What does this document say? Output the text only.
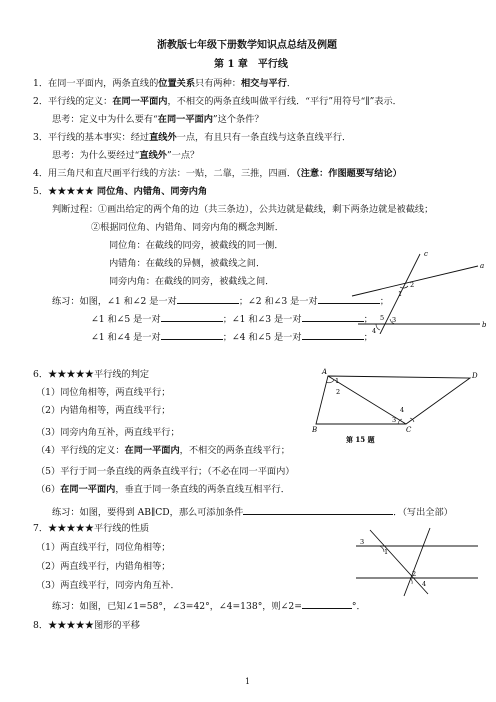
浙教版七年级下册数学知识点总结及例题
第 1 章　平行线
1．在同一平面内，两条直线的位置关系只有两种：相交与平行．
2．平行线的定义：在同一平面内，不相交的两条直线叫做平行线．“平行”用符号“∥”表示．
思考：定义中为什么要有“在同一平面内”这个条件？
3．平行线的基本事实：经过直线外一点，有且只有一条直线与这条直线平行．
思考：为什么要经过“直线外”一点？
4．用三角尺和直尺画平行线的方法：一贴，二靠，三推，四画．（注意：作图题要写结论）
5．★★★★★ 同位角、内错角、同旁内角
判断过程：①画出给定的两个角的边（共三条边），公共边就是截线，剩下两条边就是被截线；
②根据同位角、内错角、同旁内角的概念判断．
同位角：在截线的同旁，被截线的同一侧．
内错角：在截线的异侧，被截线之间．
同旁内角：在截线的同旁，被截线之间．
练习：如图，∠1 和∠2 是一对	；∠2 和∠3 是一对	；
∠1 和∠5 是一对	；∠1 和∠3 是一对	；
∠1 和∠4 是一对	；∠4 和∠5 是一对	；
c
a
b
1
2
3
4
5
6．★★★★★平行线的判定
（1）同位角相等，两直线平行；
（2）内错角相等，两直线平行；
（3）同旁内角互补，两直线平行；
（4）平行线的定义：在同一平面内，不相交的两条直线平行；
（5）平行于同一条直线的两条直线平行；（不必在同一平面内）
（6）在同一平面内，垂直于同一条直线的两条直线互相平行．
练习：如图，要得到 AB∥CD，那么可添加条件	．（写出全部）
A
B	C
D
1
2
3
4
第 15 题
7．★★★★★平行线的性质
（1）两直线平行，同位角相等；
（2）两直线平行，内错角相等；
（3）两直线平行，同旁内角互补．
练习：如图，已知∠1=58°，∠3=42°，∠4=138°，则∠2=	°．
3
1
2
4
8．★★★★★图形的平移
1
